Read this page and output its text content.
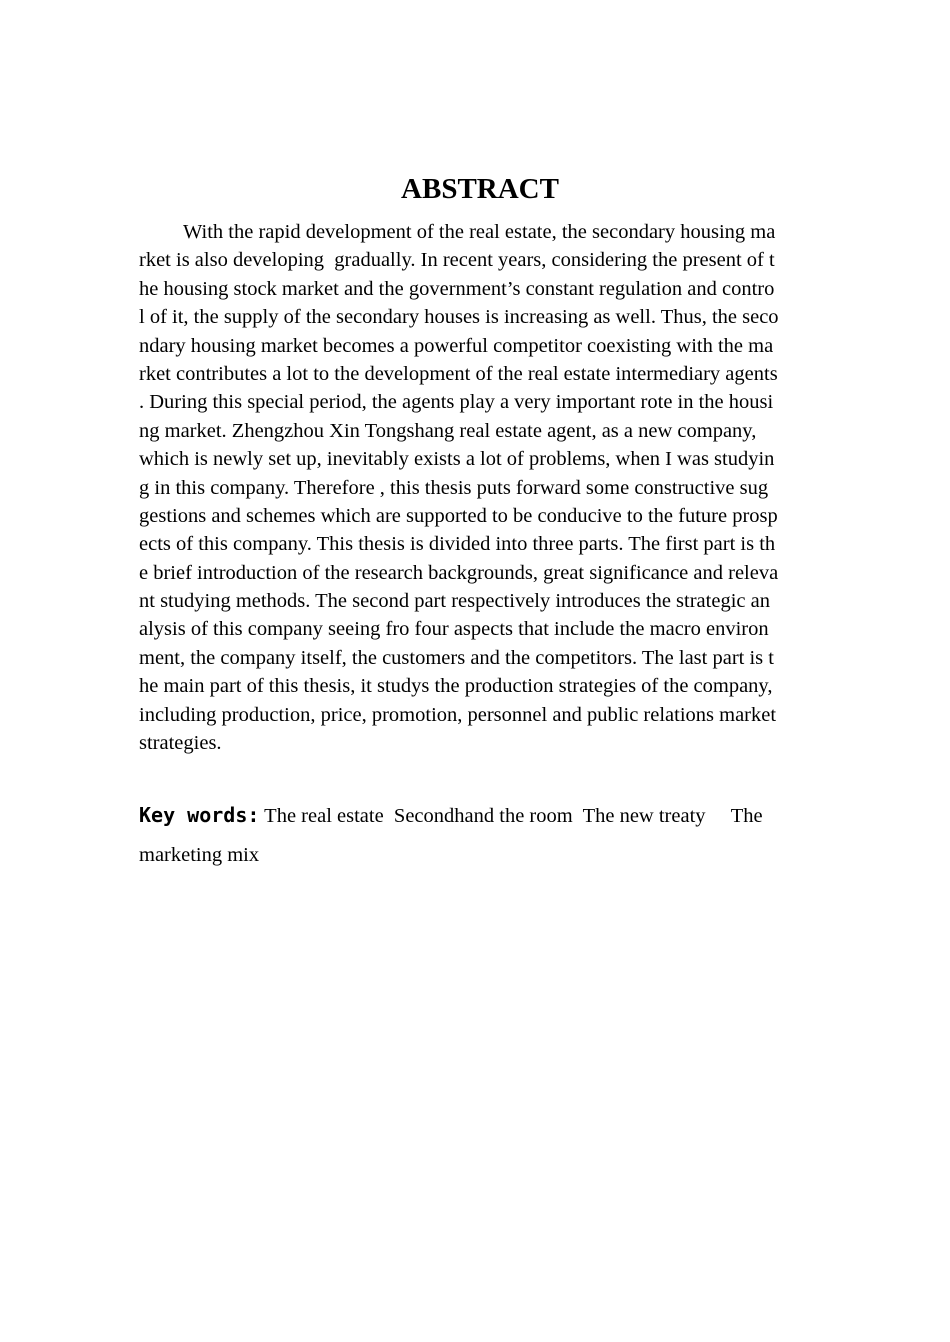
ABSTRACT
With the rapid development of the real estate, the secondary housing ma
rket is also developing  gradually. In recent years, considering the present of t
he housing stock market and the government’s constant regulation and contro
l of it, the supply of the secondary houses is increasing as well. Thus, the seco
ndary housing market becomes a powerful competitor coexisting with the ma
rket contributes a lot to the development of the real estate intermediary agents
. During this special period, the agents play a very important rote in the housi
ng market. Zhengzhou Xin Tongshang real estate agent, as a new company,
which is newly set up, inevitably exists a lot of problems, when I was studyin
g in this company. Therefore , this thesis puts forward some constructive sug
gestions and schemes which are supported to be conducive to the future prosp
ects of this company. This thesis is divided into three parts. The first part is th
e brief introduction of the research backgrounds, great significance and releva
nt studying methods. The second part respectively introduces the strategic an
alysis of this company seeing fro four aspects that include the macro environ
ment, the company itself, the customers and the competitors. The last part is t
he main part of this thesis, it studys the production strategies of the company,
including production, price, promotion, personnel and public relations market
strategies.
Key words: The real estate  Secondhand the room  The new treaty     The
marketing mix
